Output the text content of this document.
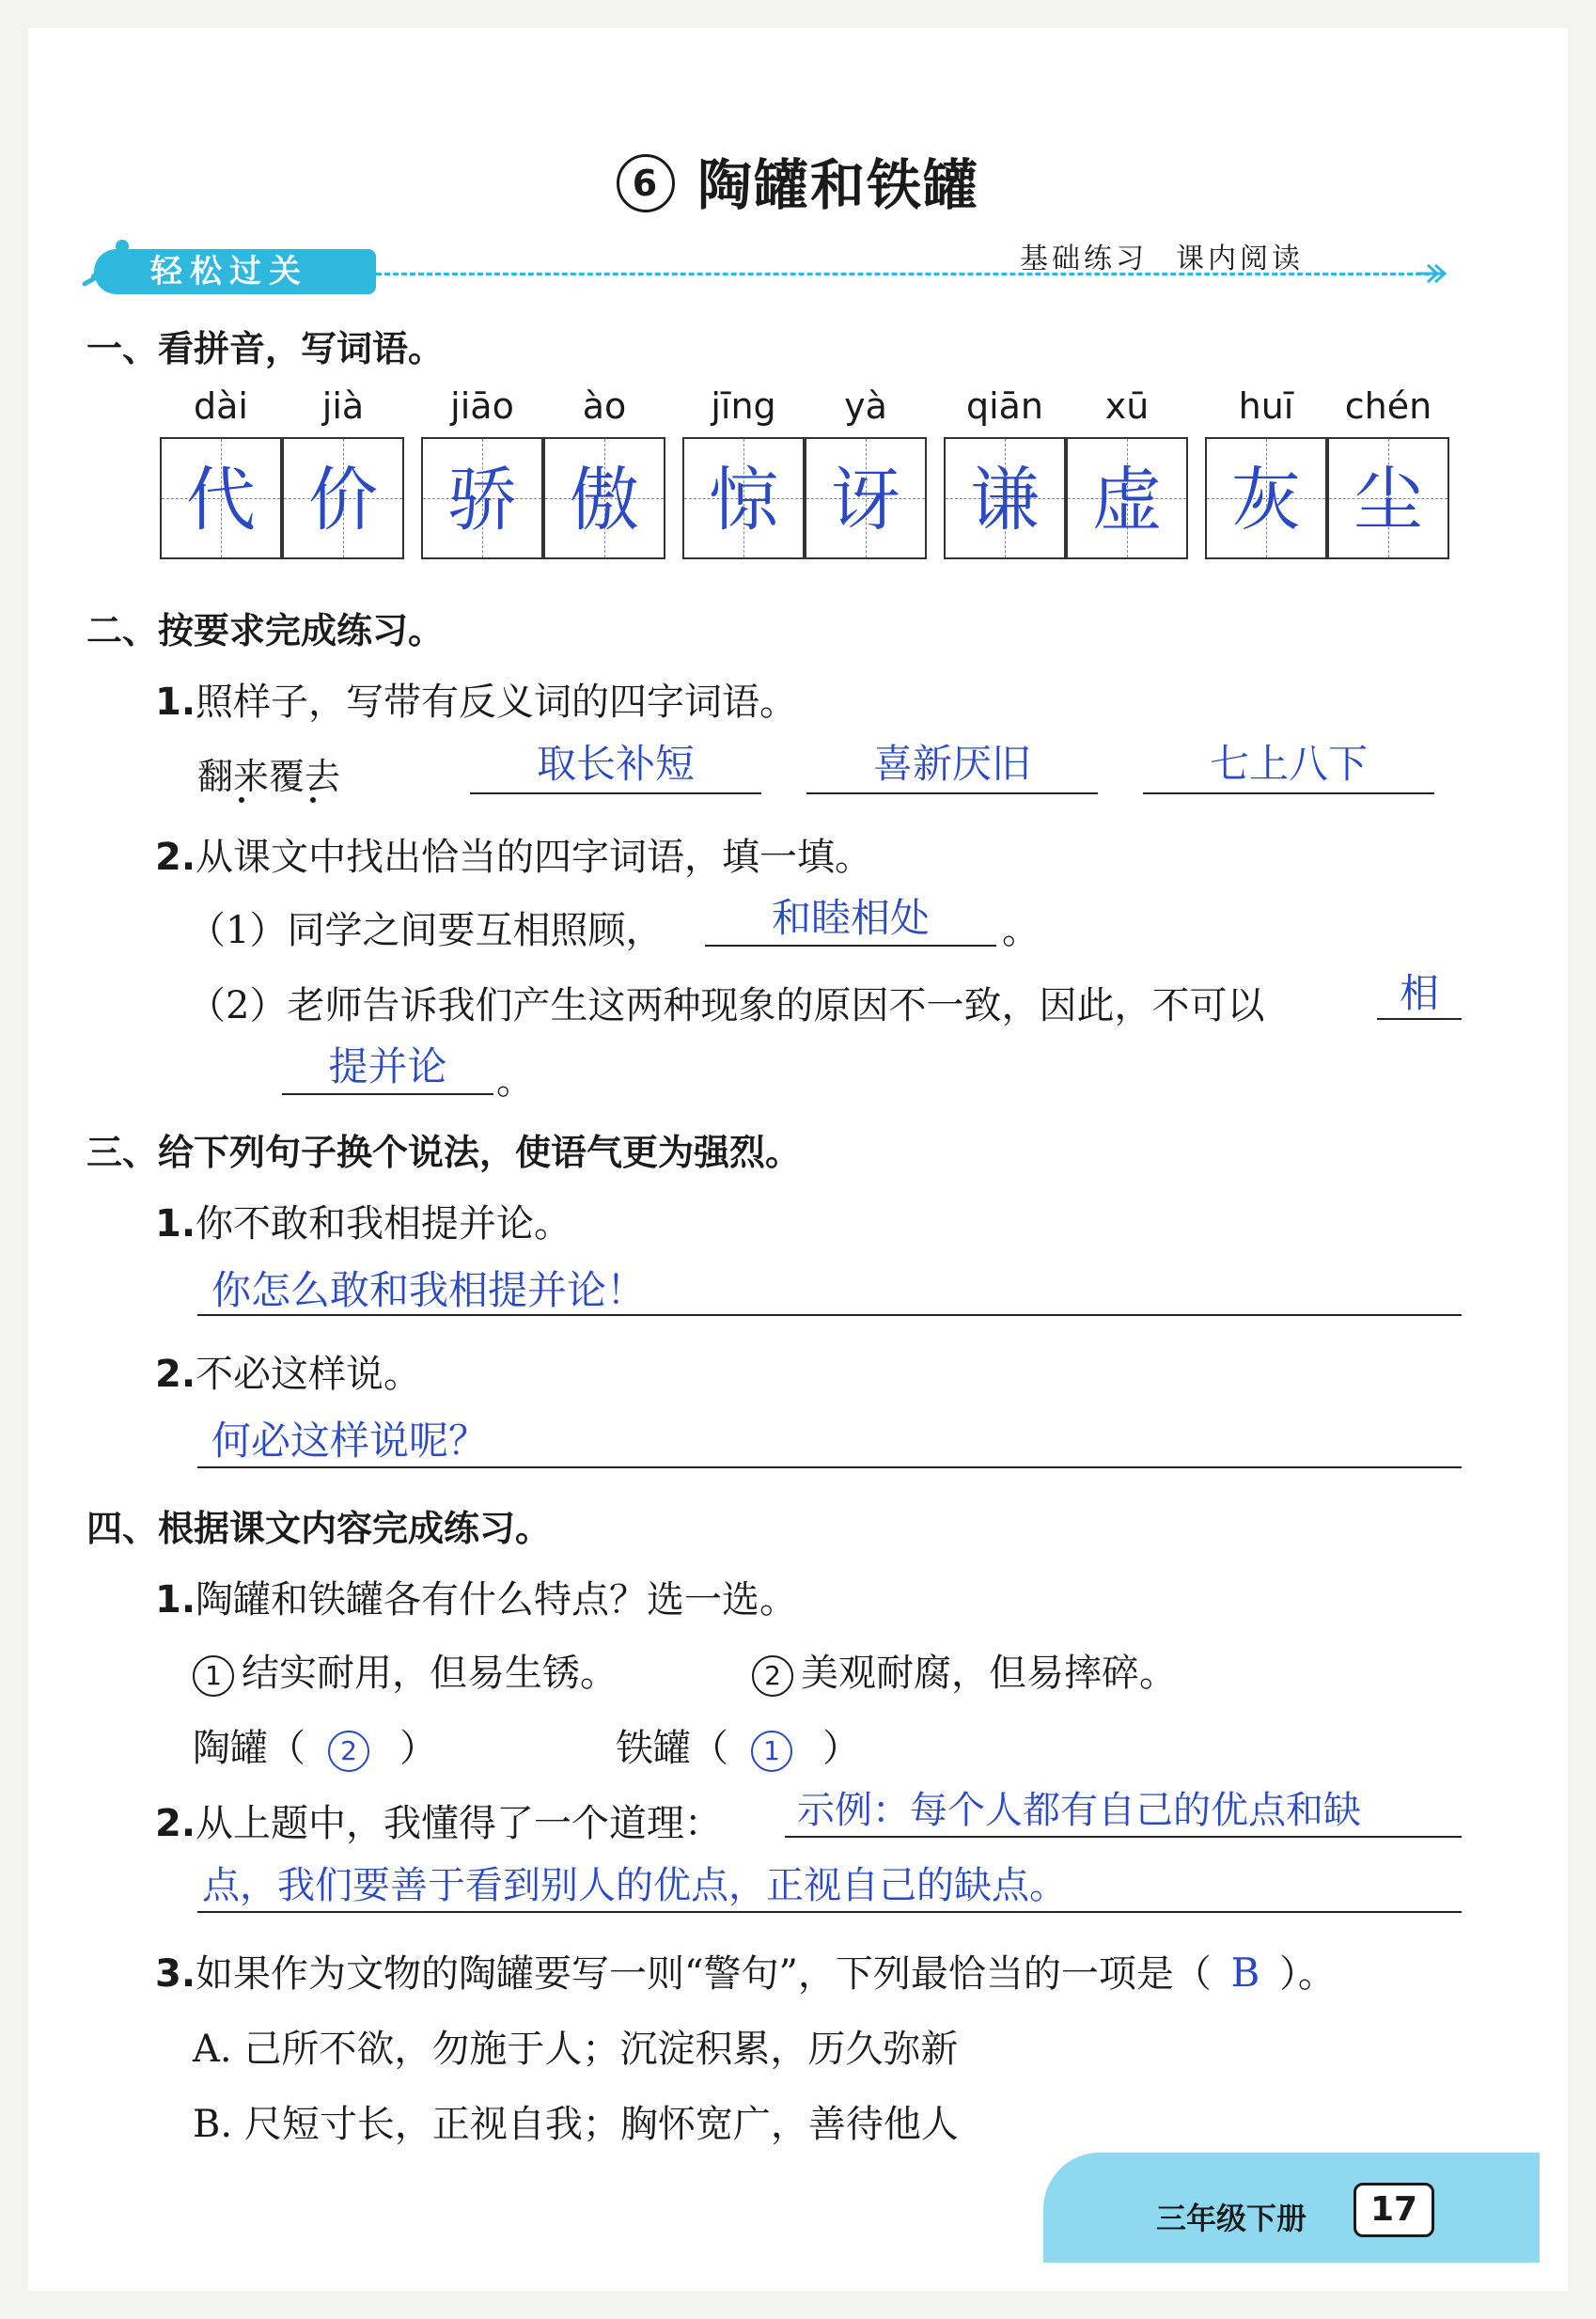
6 陶罐和铁罐
轻松过关	基础练习 课内阅读
一、看拼音，写词语。
dài	jià	jiāo	ào	jīng	yà	qiān	xū	huī	chén
代 价	骄 傲	惊 讶	谦 虚	灰 尘
二、按要求完成练习。
1.照样子，写带有反义词的四字词语。
翻来覆去	取长补短	喜新厌旧	七上八下
2.从课文中找出恰当的四字词语，填一填。
（1）同学之间要互相照顾，	和睦相处	。
（2）老师告诉我们产生这两种现象的原因不一致，因此，不可以	相
提并论	。
三、给下列句子换个说法，使语气更为强烈。
1.你不敢和我相提并论。
你怎么敢和我相提并论！
2.不必这样说。
何必这样说呢？
四、根据课文内容完成练习。
1.陶罐和铁罐各有什么特点？选一选。
1 结实耐用，但易生锈。	2 美观耐腐，但易摔碎。
陶罐（ 2 ）	铁罐（ 1 ）
2.从上题中，我懂得了一个道理： 示例：每个人都有自己的优点和缺
点，我们要善于看到别人的优点，正视自己的缺点。
3.如果作为文物的陶罐要写一则“警句”，下列最恰当的一项是（ B ）。
A. 己所不欲，勿施于人；沉淀积累，历久弥新
B. 尺短寸长，正视自我；胸怀宽广，善待他人
三年级下册	17
